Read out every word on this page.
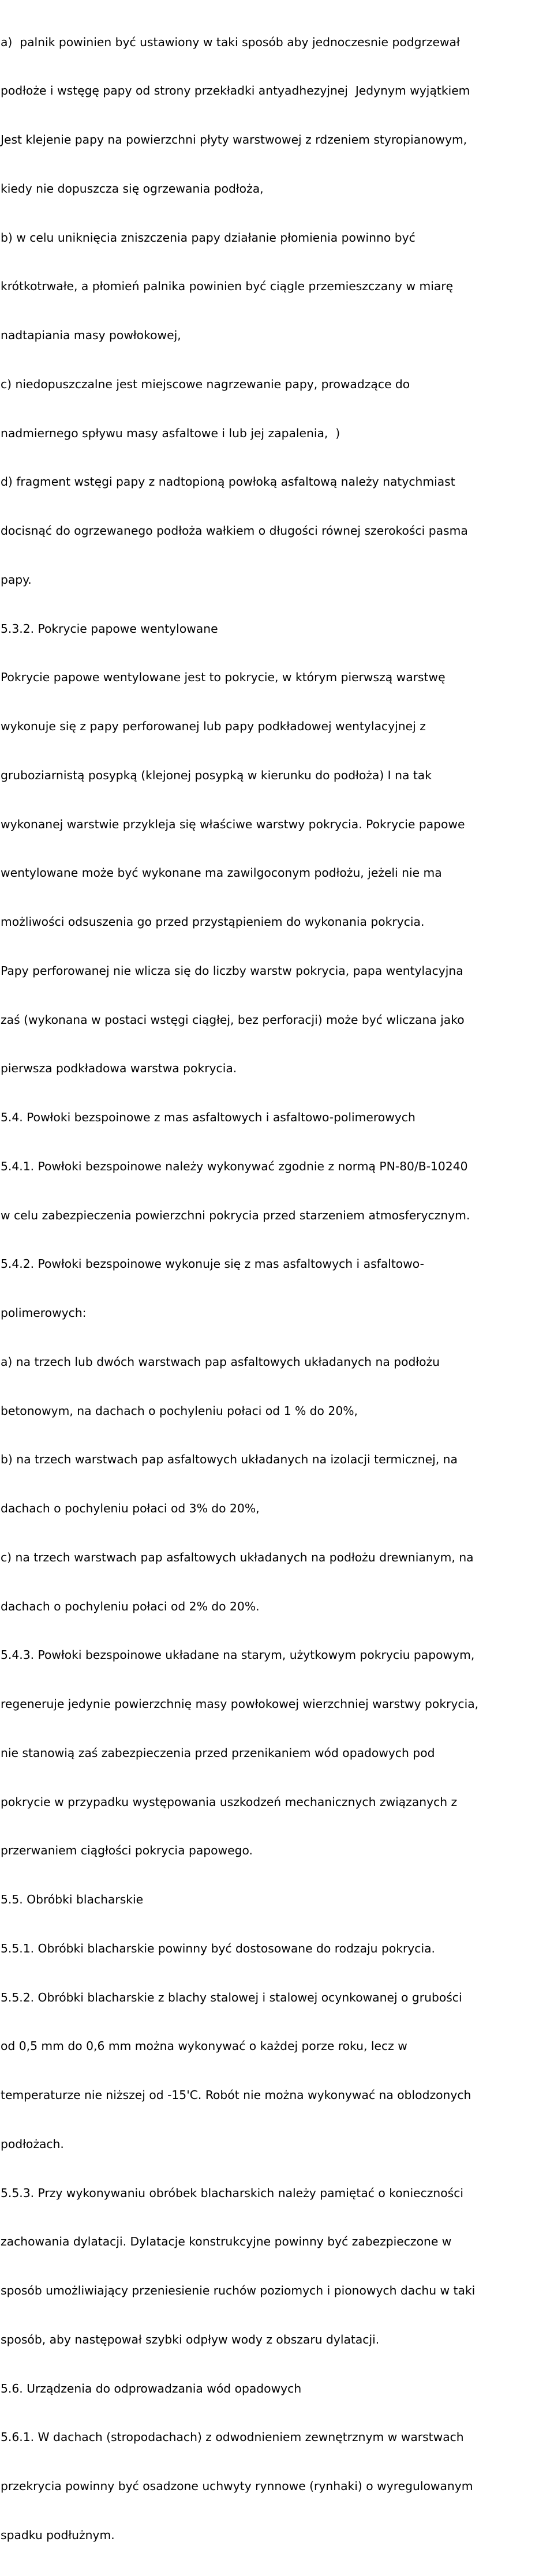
a)  palnik powinien być ustawiony w taki sposób aby jednoczesnie podgrzewał

podłoże i wstęgę papy od strony przekładki antyadhezyjnej  Jedynym wyjątkiem

Jest klejenie papy na powierzchni płyty warstwowej z rdzeniem styropianowym,

kiedy nie dopuszcza się ogrzewania podłoża,

b) w celu uniknięcia zniszczenia papy działanie płomienia powinno być

krótkotrwałe, a płomień palnika powinien być ciągle przemieszczany w miarę

nadtapiania masy powłokowej,

c) niedopuszczalne jest miejscowe nagrzewanie papy, prowadzące do

nadmiernego spływu masy asfaltowe i lub jej zapalenia,  )

d) fragment wstęgi papy z nadtopioną powłoką asfaltową należy natychmiast

docisnąć do ogrzewanego podłoża wałkiem o długości równej szerokości pasma

papy.

5.3.2. Pokrycie papowe wentylowane

Pokrycie papowe wentylowane jest to pokrycie, w którym pierwszą warstwę

wykonuje się z papy perforowanej lub papy podkładowej wentylacyjnej z

gruboziarnistą posypką (klejonej posypką w kierunku do podłoża) I na tak

wykonanej warstwie przykleja się właściwe warstwy pokrycia. Pokrycie papowe

wentylowane może być wykonane ma zawilgoconym podłożu, jeżeli nie ma

możliwości odsuszenia go przed przystąpieniem do wykonania pokrycia.

Papy perforowanej nie wlicza się do liczby warstw pokrycia, papa wentylacyjna

zaś (wykonana w postaci wstęgi ciągłej, bez perforacji) może być wliczana jako

pierwsza podkładowa warstwa pokrycia.

5.4. Powłoki bezspoinowe z mas asfaltowych i asfaltowo-polimerowych

5.4.1. Powłoki bezspoinowe należy wykonywać zgodnie z normą PN-80/B-10240

w celu zabezpieczenia powierzchni pokrycia przed starzeniem atmosferycznym.

5.4.2. Powłoki bezspoinowe wykonuje się z mas asfaltowych i asfaltowo-

polimerowych:

a) na trzech lub dwóch warstwach pap asfaltowych układanych na podłożu

betonowym, na dachach o pochyleniu połaci od 1 % do 20%,

b) na trzech warstwach pap asfaltowych układanych na izolacji termicznej, na

dachach o pochyleniu połaci od 3% do 20%,

c) na trzech warstwach pap asfaltowych układanych na podłożu drewnianym, na

dachach o pochyleniu połaci od 2% do 20%.

5.4.3. Powłoki bezspoinowe układane na starym, użytkowym pokryciu papowym,

regeneruje jedynie powierzchnię masy powłokowej wierzchniej warstwy pokrycia,

nie stanowią zaś zabezpieczenia przed przenikaniem wód opadowych pod

pokrycie w przypadku występowania uszkodzeń mechanicznych związanych z

przerwaniem ciągłości pokrycia papowego.

5.5. Obróbki blacharskie

5.5.1. Obróbki blacharskie powinny być dostosowane do rodzaju pokrycia.

5.5.2. Obróbki blacharskie z blachy stalowej i stalowej ocynkowanej o grubości

od 0,5 mm do 0,6 mm można wykonywać o każdej porze roku, lecz w

temperaturze nie niższej od -15'C. Robót nie można wykonywać na oblodzonych

podłożach.

5.5.3. Przy wykonywaniu obróbek blacharskich należy pamiętać o konieczności

zachowania dylatacji. Dylatacje konstrukcyjne powinny być zabezpieczone w

sposób umożliwiający przeniesienie ruchów poziomych i pionowych dachu w taki

sposób, aby następował szybki odpływ wody z obszaru dylatacji.

5.6. Urządzenia do odprowadzania wód opadowych

5.6.1. W dachach (stropodachach) z odwodnieniem zewnętrznym w warstwach

przekrycia powinny być osadzone uchwyty rynnowe (rynhaki) o wyregulowanym

spadku podłużnym.
